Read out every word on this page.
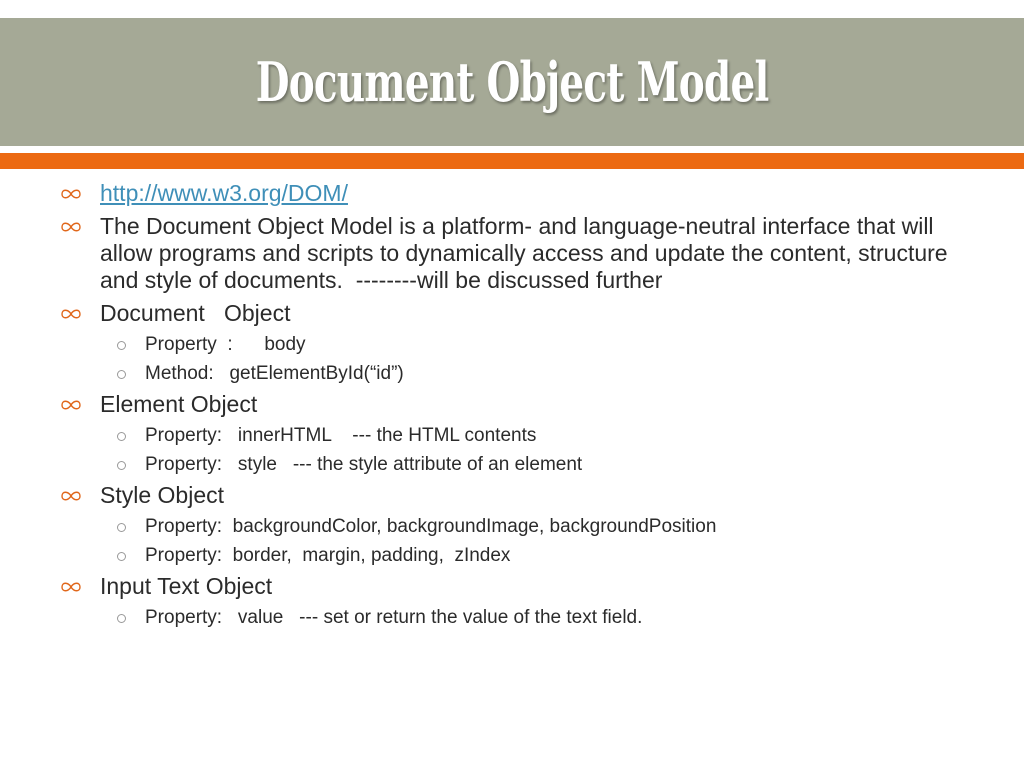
Document Object Model
http://www.w3.org/DOM/
The Document Object Model is a platform- and language-neutral interface that will allow programs and scripts to dynamically access and update the content, structure and style of documents.  --------will be discussed further
Document   Object
Property  :      body
Method:   getElementById(“id”)
Element Object
Property:   innerHTML    --- the HTML contents
Property:   style   --- the style attribute of an element
Style Object
Property:  backgroundColor, backgroundImage, backgroundPosition
Property:  border,  margin, padding,  zIndex
Input Text Object
Property:   value   --- set or return the value of the text field.
